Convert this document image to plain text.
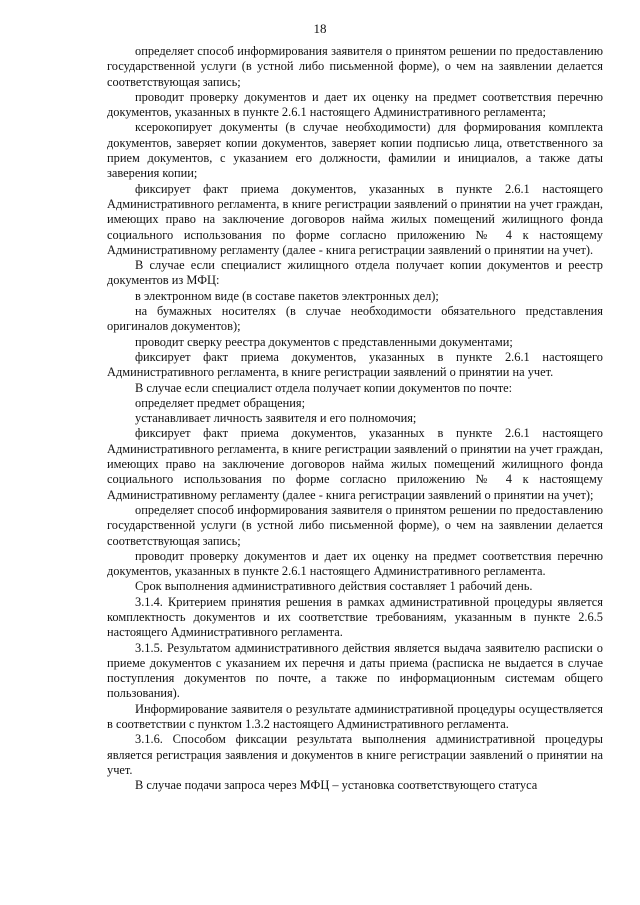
18

определяет способ информирования заявителя о принятом решении по предоставлению государственной услуги (в устной либо письменной форме), о чем на заявлении делается соответствующая запись;

проводит проверку документов и дает их оценку на предмет соответствия перечню документов, указанных в пункте 2.6.1 настоящего Административного регламента;

ксерокопирует документы (в случае необходимости) для формирования комплекта документов, заверяет копии документов, заверяет копии подписью лица, ответственного за прием документов, с указанием его должности, фамилии и инициалов, а также даты заверения копии;

фиксирует факт приема документов, указанных в пункте 2.6.1 настоящего Административного регламента, в книге регистрации заявлений о принятии на учет граждан, имеющих право на заключение договоров найма жилых помещений жилищного фонда социального использования по форме согласно приложению № 4 к настоящему Административному регламенту (далее - книга регистрации заявлений о принятии на учет).

В случае если специалист жилищного отдела получает копии документов и реестр документов из МФЦ:

в электронном виде (в составе пакетов электронных дел);

на бумажных носителях (в случае необходимости обязательного представления оригиналов документов);

проводит сверку реестра документов с представленными документами;

фиксирует факт приема документов, указанных в пункте 2.6.1 настоящего Административного регламента, в книге регистрации заявлений о принятии на учет.

В случае если специалист отдела получает копии документов по почте:

определяет предмет обращения;

устанавливает личность заявителя и его полномочия;

фиксирует факт приема документов, указанных в пункте 2.6.1 настоящего Административного регламента, в книге регистрации заявлений о принятии на учет граждан, имеющих право на заключение договоров найма жилых помещений жилищного фонда социального использования по форме согласно приложению № 4 к настоящему Административному регламенту (далее - книга регистрации заявлений о принятии на учет);

определяет способ информирования заявителя о принятом решении по предоставлению государственной услуги (в устной либо письменной форме), о чем на заявлении делается соответствующая запись;

проводит проверку документов и дает их оценку на предмет соответствия перечню документов, указанных в пункте 2.6.1 настоящего Административного регламента.

Срок выполнения административного действия составляет 1 рабочий день.

3.1.4. Критерием принятия решения в рамках административной процедуры является комплектность документов и их соответствие требованиям, указанным в пункте 2.6.5 настоящего Административного регламента.

3.1.5. Результатом административного действия является выдача заявителю расписки о приеме документов с указанием их перечня и даты приема (расписка не выдается в случае поступления документов по почте, а также по информационным системам общего пользования).

Информирование заявителя о результате административной процедуры осуществляется в соответствии с пунктом 1.3.2 настоящего Административного регламента.

3.1.6. Способом фиксации результата выполнения административной процедуры является регистрация заявления и документов в книге регистрации заявлений о принятии на учет.

В случае подачи запроса через МФЦ – установка соответствующего статуса
